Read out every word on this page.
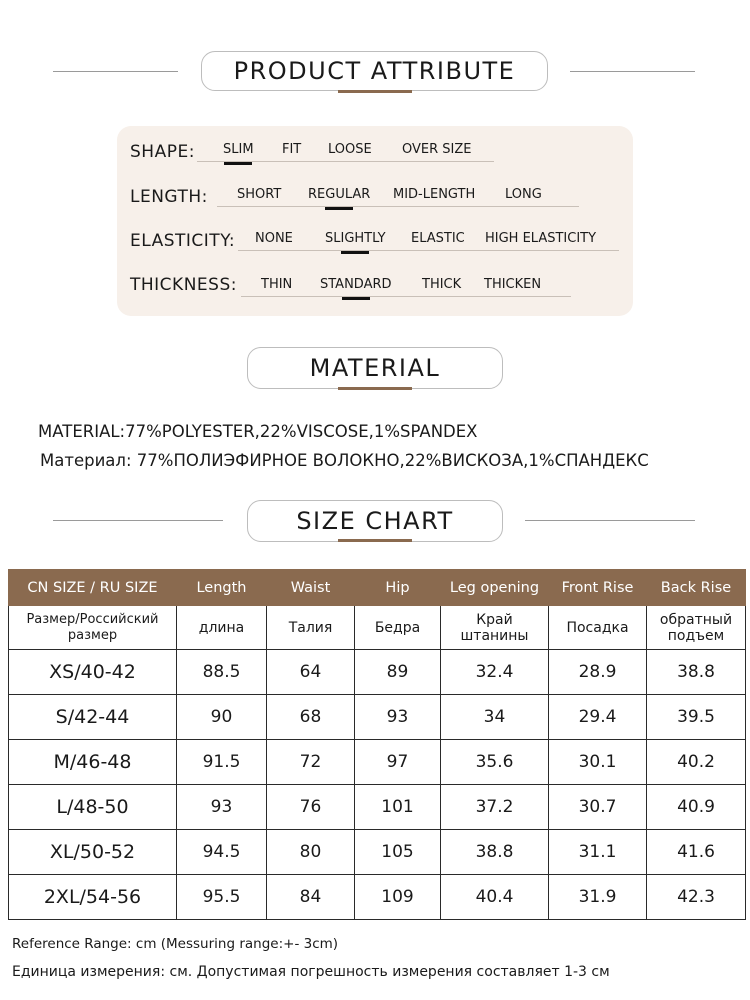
PRODUCT ATTRIBUTE
SHAPE: SLIM FIT LOOSE OVER SIZE
LENGTH: SHORT REGULAR MID-LENGTH LONG
ELASTICITY: NONE SLIGHTLY ELASTIC HIGH ELASTICITY
THICKNESS: THIN STANDARD THICK THICKEN
MATERIAL
MATERIAL:77%POLYESTER,22%VISCOSE,1%SPANDEX
Материал: 77%ПОЛИЭФИРНОЕ ВОЛОКНО,22%ВИСКОЗА,1%СПАНДЕКС
SIZE CHART
CN SIZE / RU SIZE	Length	Waist	Hip	Leg opening	Front Rise	Back Rise
Размер/Российский размер	длина	Талия	Бедра	Край штанины	Посадка	обратный подъем
XS/40-42	88.5	64	89	32.4	28.9	38.8
S/42-44	90	68	93	34	29.4	39.5
M/46-48	91.5	72	97	35.6	30.1	40.2
L/48-50	93	76	101	37.2	30.7	40.9
XL/50-52	94.5	80	105	38.8	31.1	41.6
2XL/54-56	95.5	84	109	40.4	31.9	42.3
Reference Range: cm (Messuring range:+- 3cm)
Единица измерения: см. Допустимая погрешность измерения составляет 1-3 см
